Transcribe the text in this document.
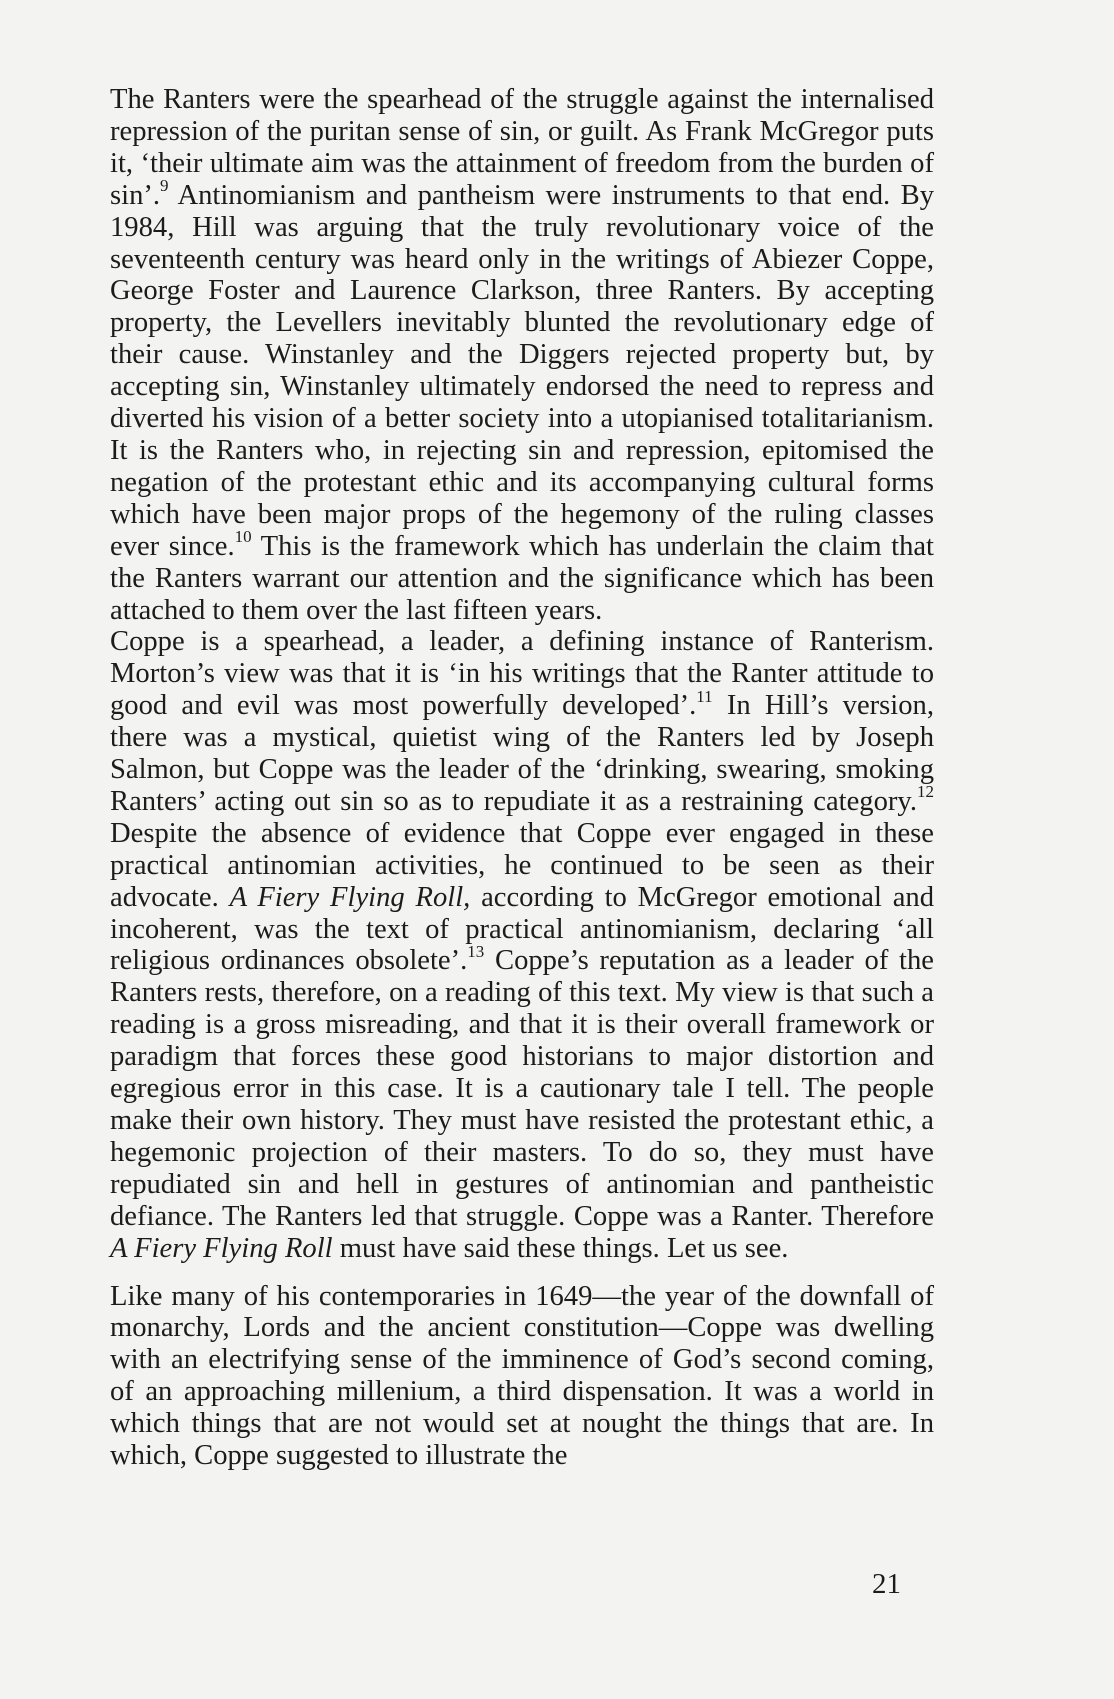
The Ranters were the spearhead of the struggle against the internalised repression of the puritan sense of sin, or guilt. As Frank McGregor puts it, ‘their ultimate aim was the attainment of freedom from the burden of sin’.$^9$ Antinomianism and pantheism were instruments to that end. By 1984, Hill was arguing that the truly revolutionary voice of the seventeenth century was heard only in the writings of Abiezer Coppe, George Foster and Laurence Clarkson, three Ranters. By accepting property, the Levellers inevitably blunted the revolutionary edge of their cause. Winstanley and the Diggers rejected property but, by accepting sin, Winstanley ultimately endorsed the need to repress and diverted his vision of a better society into a utopianised totalitarianism. It is the Ranters who, in rejecting sin and repression, epitomised the negation of the protestant ethic and its accompanying cultural forms which have been major props of the hegemony of the ruling classes ever since.$^{10}$ This is the framework which has underlain the claim that the Ranters warrant our attention and the significance which has been attached to them over the last fifteen years.

Coppe is a spearhead, a leader, a defining instance of Ranterism. Morton’s view was that it is ‘in his writings that the Ranter attitude to good and evil was most powerfully developed’.$^{11}$ In Hill’s version, there was a mystical, quietist wing of the Ranters led by Joseph Salmon, but Coppe was the leader of the ‘drinking, swearing, smoking Ranters’ acting out sin so as to repudiate it as a restraining category.$^{12}$ Despite the absence of evidence that Coppe ever engaged in these practical antinomian activities, he continued to be seen as their advocate. A Fiery Flying Roll, according to McGregor emotional and incoherent, was the text of practical antinomianism, declaring ‘all religious ordinances obsolete’.$^{13}$ Coppe’s reputation as a leader of the Ranters rests, therefore, on a reading of this text. My view is that such a reading is a gross misreading, and that it is their overall framework or paradigm that forces these good historians to major distortion and egregious error in this case. It is a cautionary tale I tell. The people make their own history. They must have resisted the protestant ethic, a hegemonic projection of their masters. To do so, they must have repudiated sin and hell in gestures of antinomian and pantheistic defiance. The Ranters led that struggle. Coppe was a Ranter. Therefore A Fiery Flying Roll must have said these things. Let us see.

Like many of his contemporaries in 1649—the year of the downfall of monarchy, Lords and the ancient constitution—Coppe was dwelling with an electrifying sense of the imminence of God’s second coming, of an approaching millenium, a third dispensation. It was a world in which things that are not would set at nought the things that are. In which, Coppe suggested to illustrate the

21
